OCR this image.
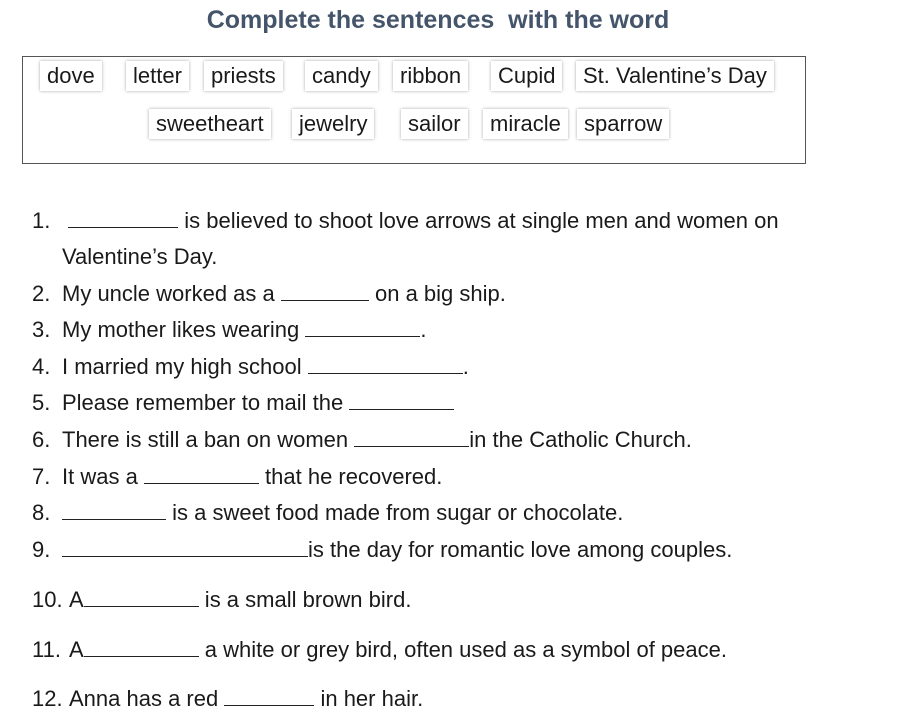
Complete the sentences  with the word
dove	letter	priests	candy	ribbon	Cupid	St. Valentine’s Day
sweetheart	jewelry	sailor	miracle	sparrow
1.	is believed to shoot love arrows at single men and women on
Valentine’s Day.
2. My uncle worked as a	on a big ship.
3. My mother likes wearing	.
4. I married my high school	.
5. Please remember to mail the
6. There is still a ban on women	in the Catholic Church.
7. It was a	that he recovered.
8.	is a sweet food made from sugar or chocolate.
9.	is the day for romantic love among couples.
10. A	is a small brown bird.
11. A	a white or grey bird, often used as a symbol of peace.
12. Anna has a red	in her hair.
